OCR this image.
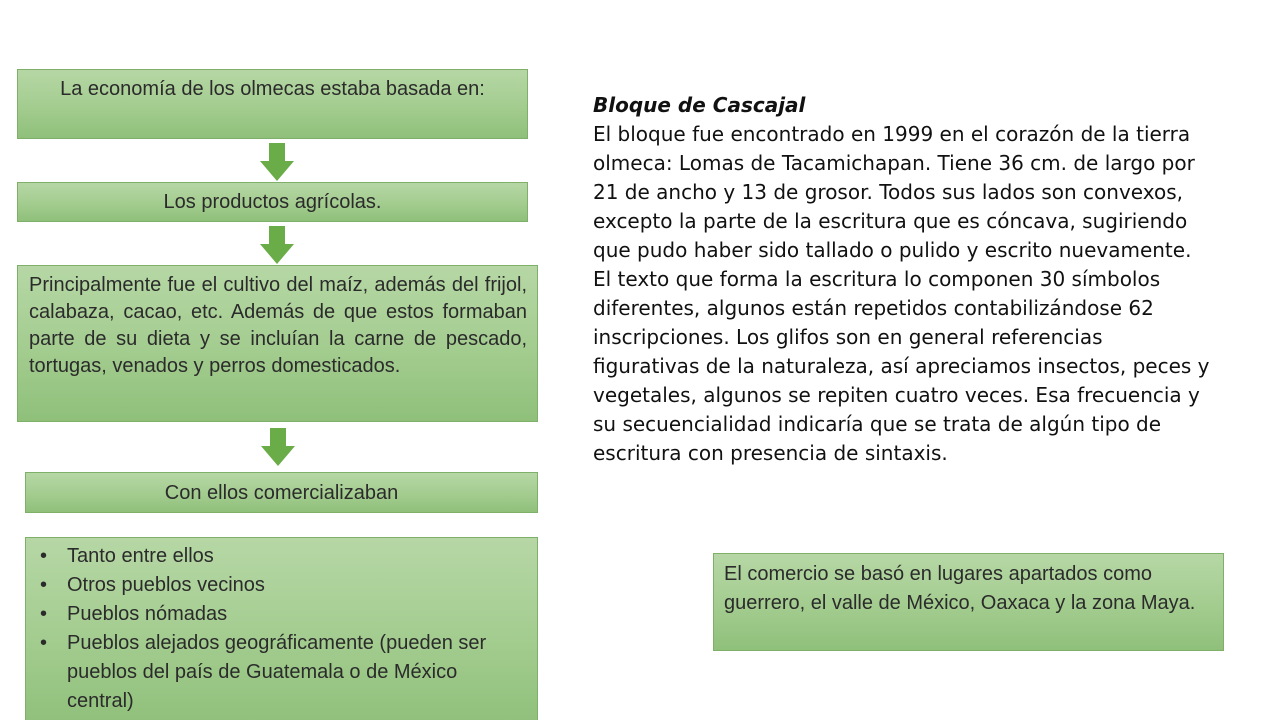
La economía de los olmecas estaba basada en:
Los productos agrícolas.
Principalmente fue el cultivo del maíz, además del frijol, calabaza, cacao, etc. Además de que estos formaban parte de su dieta y se incluían la carne de pescado, tortugas, venados y perros domesticados.
Con ellos comercializaban
• Tanto entre ellos
• Otros pueblos vecinos
• Pueblos nómadas
• Pueblos alejados geográficamente (pueden ser pueblos del país de Guatemala o de México central)
Bloque de Cascajal
El bloque fue encontrado en 1999 en el corazón de la tierra olmeca: Lomas de Tacamichapan. Tiene 36 cm. de largo por 21 de ancho y 13 de grosor. Todos sus lados son convexos, excepto la parte de la escritura que es cóncava, sugiriendo que pudo haber sido tallado o pulido y escrito nuevamente. El texto que forma la escritura lo componen 30 símbolos diferentes, algunos están repetidos contabilizándose 62 inscripciones. Los glifos son en general referencias figurativas de la naturaleza, así apreciamos insectos, peces y vegetales, algunos se repiten cuatro veces. Esa frecuencia y su secuencialidad indicaría que se trata de algún tipo de escritura con presencia de sintaxis.
El comercio se basó en lugares apartados como guerrero, el valle de México, Oaxaca y la zona Maya.
